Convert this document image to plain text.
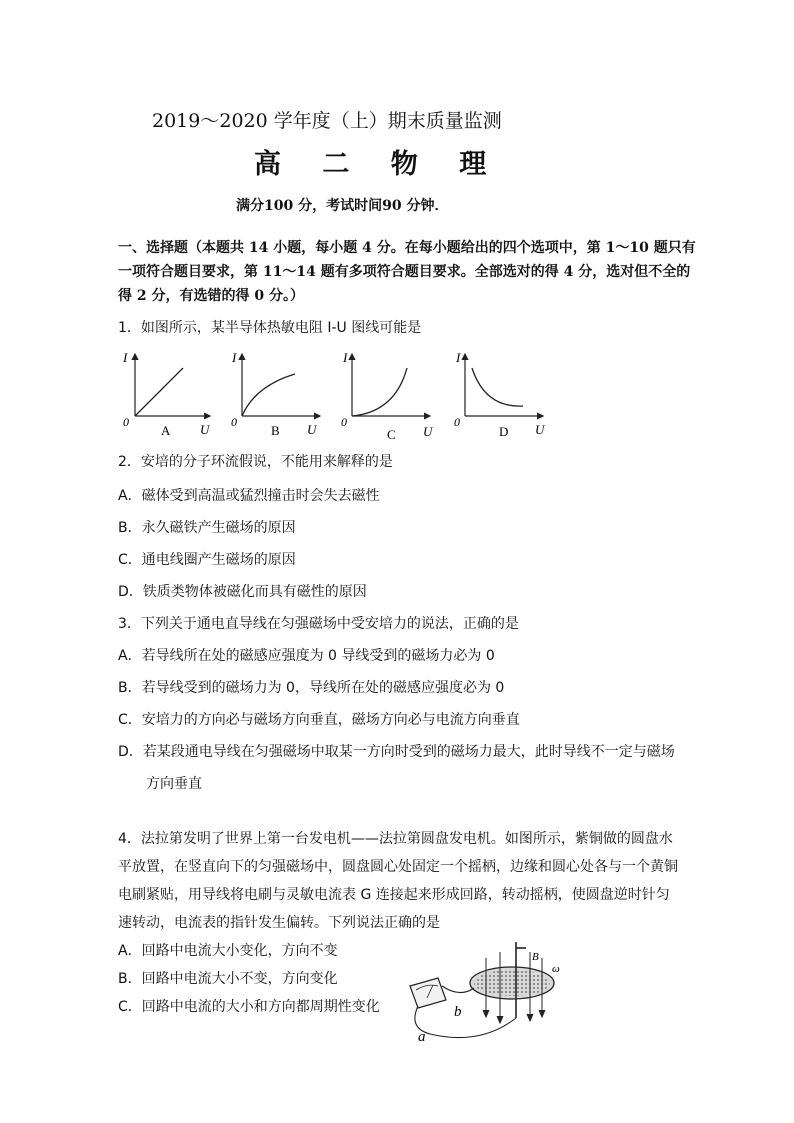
2019～2020 学年度（上）期末质量监测
高 二 物 理
满分100 分，考试时间90 分钟．
一、选择题（本题共 14 小题，每小题 4 分。在每小题给出的四个选项中，第 1～10 题只有
一项符合题目要求，第 11～14 题有多项符合题目要求。全部选对的得 4 分，选对但不全的
得 2 分，有选错的得 0 分。）
1．如图所示，某半导体热敏电阻 I-U 图线可能是
I
0	U
A
I
0	U
B
I
0
U
C
I
0	U
D
2．安培的分子环流假说，不能用来解释的是
A．磁体受到高温或猛烈撞击时会失去磁性
B．永久磁铁产生磁场的原因
C．通电线圈产生磁场的原因
D．铁质类物体被磁化而具有磁性的原因
3．下列关于通电直导线在匀强磁场中受安培力的说法，正确的是
A．若导线所在处的磁感应强度为 0 导线受到的磁场力必为 0
B．若导线受到的磁场力为 0，导线所在处的磁感应强度必为 0
C．安培力的方向必与磁场方向垂直，磁场方向必与电流方向垂直
D．若某段通电导线在匀强磁场中取某一方向时受到的磁场力最大，此时导线不一定与磁场
方向垂直
4．法拉第发明了世界上第一台发电机——法拉第圆盘发电机。如图所示，紫铜做的圆盘水
平放置，在竖直向下的匀强磁场中，圆盘圆心处固定一个摇柄，边缘和圆心处各与一个黄铜
电刷紧贴，用导线将电刷与灵敏电流表 G 连接起来形成回路，转动摇柄，使圆盘逆时针匀
速转动，电流表的指针发生偏转。下列说法正确的是
A．回路中电流大小变化，方向不变
B．回路中电流大小不变，方向变化
C．回路中电流的大小和方向都周期性变化	b
a
B
ω
